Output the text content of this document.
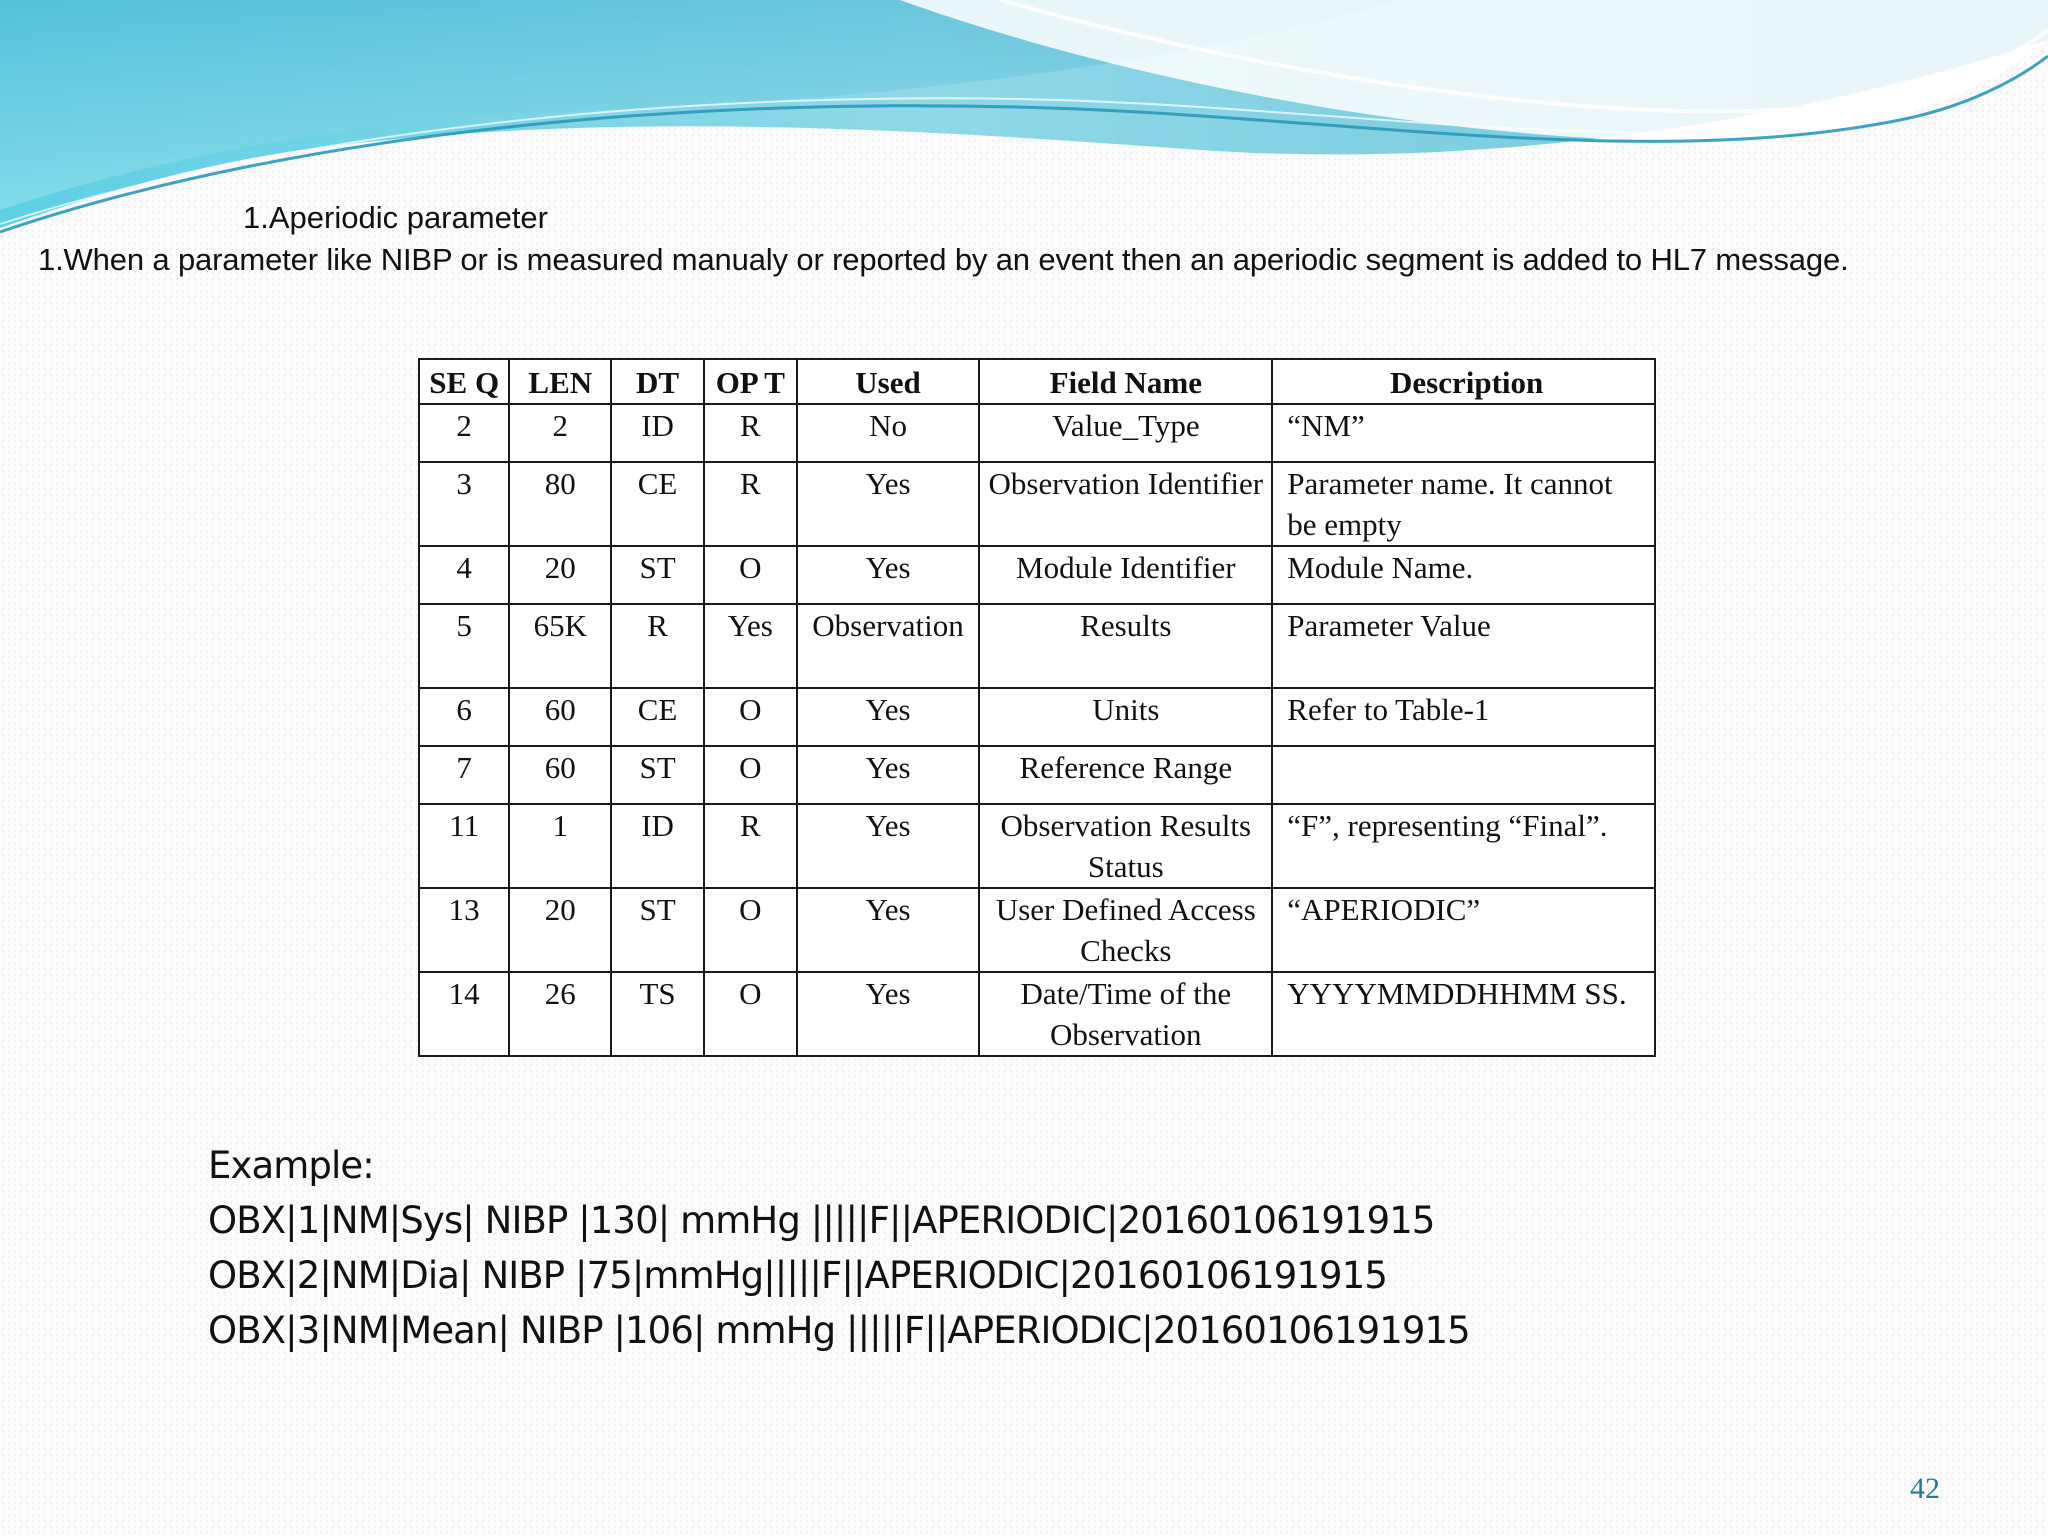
1.Aperiodic parameter
1.When a parameter like NIBP or is measured manualy or reported by an event then an aperiodic segment is added to HL7 message.
SE Q	LEN	DT	OP T	Used	Field Name	Description
2	2	ID	R	No	Value_Type	“NM”
3	80	CE	R	Yes	Observation Identifier	Parameter name. It cannot be empty
4	20	ST	O	Yes	Module Identifier	Module Name.
5	65K	R	Yes	Observation	Results	Parameter Value
6	60	CE	O	Yes	Units	Refer to Table-1
7	60	ST	O	Yes	Reference Range	
11	1	ID	R	Yes	Observation Results Status	“F”, representing “Final”.
13	20	ST	O	Yes	User Defined Access Checks	“APERIODIC”
14	26	TS	O	Yes	Date/Time of the Observation	YYYYMMDDHHMM SS.
Example:
OBX|1|NM|Sys| NIBP |130| mmHg |||||F||APERIODIC|20160106191915
OBX|2|NM|Dia| NIBP |75|mmHg|||||F||APERIODIC|20160106191915
OBX|3|NM|Mean| NIBP |106| mmHg |||||F||APERIODIC|20160106191915
42
